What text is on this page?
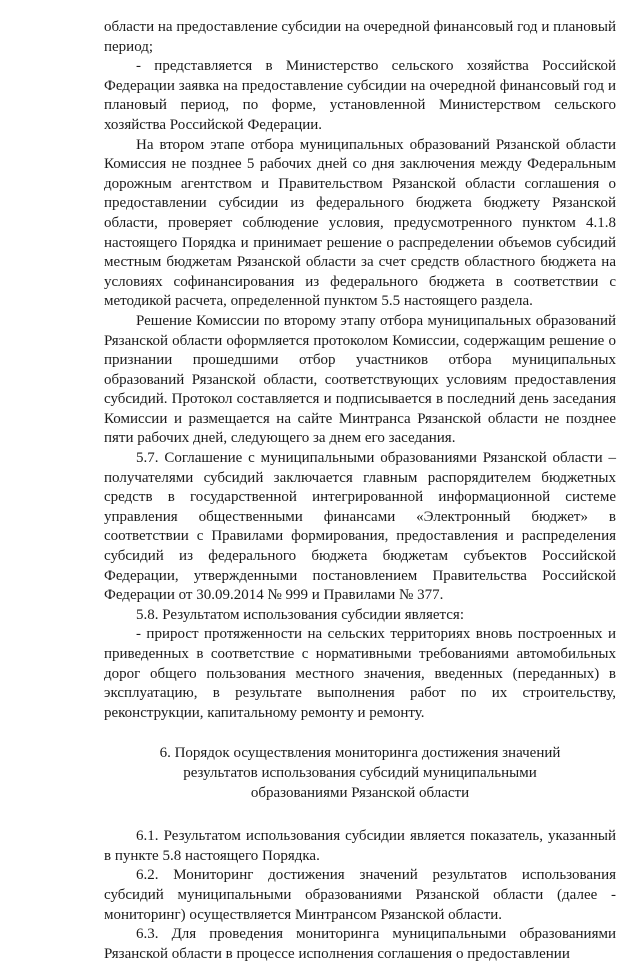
области на предоставление субсидии на очередной финансовый год и плановый период;

- представляется в Министерство сельского хозяйства Российской Федерации заявка на предоставление субсидии на очередной финансовый год и плановый период, по форме, установленной Министерством сельского хозяйства Российской Федерации.

На втором этапе отбора муниципальных образований Рязанской области Комиссия не позднее 5 рабочих дней со дня заключения между Федеральным дорожным агентством и Правительством Рязанской области соглашения о предоставлении субсидии из федерального бюджета бюджету Рязанской области, проверяет соблюдение условия, предусмотренного пунктом 4.1.8 настоящего Порядка и принимает решение о распределении объемов субсидий местным бюджетам Рязанской области за счет средств областного бюджета на условиях софинансирования из федерального бюджета в соответствии с методикой расчета, определенной пунктом 5.5 настоящего раздела.

Решение Комиссии по второму этапу отбора муниципальных образований Рязанской области оформляется протоколом Комиссии, содержащим решение о признании прошедшими отбор участников отбора муниципальных образований Рязанской области, соответствующих условиям предоставления субсидий. Протокол составляется и подписывается в последний день заседания Комиссии и размещается на сайте Минтранса Рязанской области не позднее пяти рабочих дней, следующего за днем его заседания.

5.7. Соглашение с муниципальными образованиями Рязанской области – получателями субсидий заключается главным распорядителем бюджетных средств в государственной интегрированной информационной системе управления общественными финансами «Электронный бюджет» в соответствии с Правилами формирования, предоставления и распределения субсидий из федерального бюджета бюджетам субъектов Российской Федерации, утвержденными постановлением Правительства Российской Федерации от 30.09.2014 № 999 и Правилами № 377.

5.8. Результатом использования субсидии является:

- прирост протяженности на сельских территориях вновь построенных и приведенных в соответствие с нормативными требованиями автомобильных дорог общего пользования местного значения, введенных (переданных) в эксплуатацию, в результате выполнения работ по их строительству, реконструкции, капитальному ремонту и ремонту.

6. Порядок осуществления мониторинга достижения значений
результатов использования субсидий муниципальными
образованиями Рязанской области

6.1. Результатом использования субсидии является показатель, указанный в пункте 5.8 настоящего Порядка.

6.2. Мониторинг достижения значений результатов использования субсидий муниципальными образованиями Рязанской области (далее - мониторинг) осуществляется Минтрансом Рязанской области.

6.3. Для проведения мониторинга муниципальными образованиями Рязанской области в процессе исполнения соглашения о предоставлении
